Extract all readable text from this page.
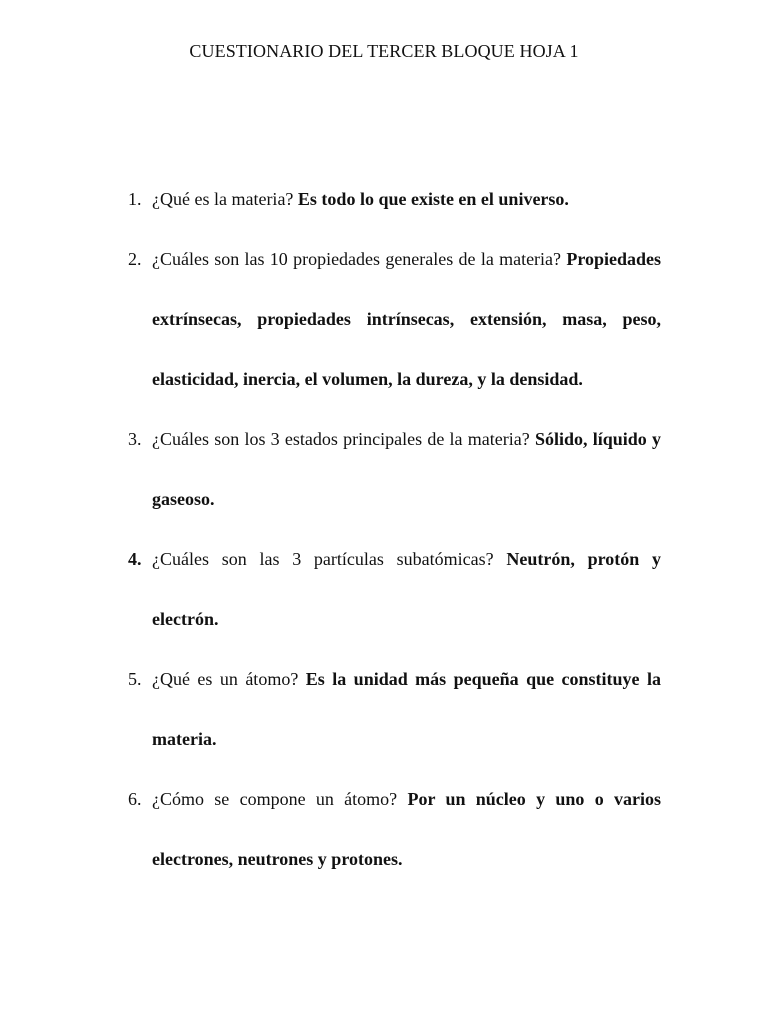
CUESTIONARIO DEL TERCER BLOQUE HOJA 1
1. ¿Qué es la materia? Es todo lo que existe en el universo.
2. ¿Cuáles son las 10 propiedades generales de la materia? Propiedades extrínsecas, propiedades intrínsecas, extensión, masa, peso, elasticidad, inercia, el volumen, la dureza, y la densidad.
3. ¿Cuáles son los 3 estados principales de la materia? Sólido, líquido y gaseoso.
4. ¿Cuáles son las 3 partículas subatómicas? Neutrón, protón y electrón.
5. ¿Qué es un átomo? Es la unidad más pequeña que constituye la materia.
6. ¿Cómo se compone un átomo? Por un núcleo y uno o varios electrones, neutrones y protones.
